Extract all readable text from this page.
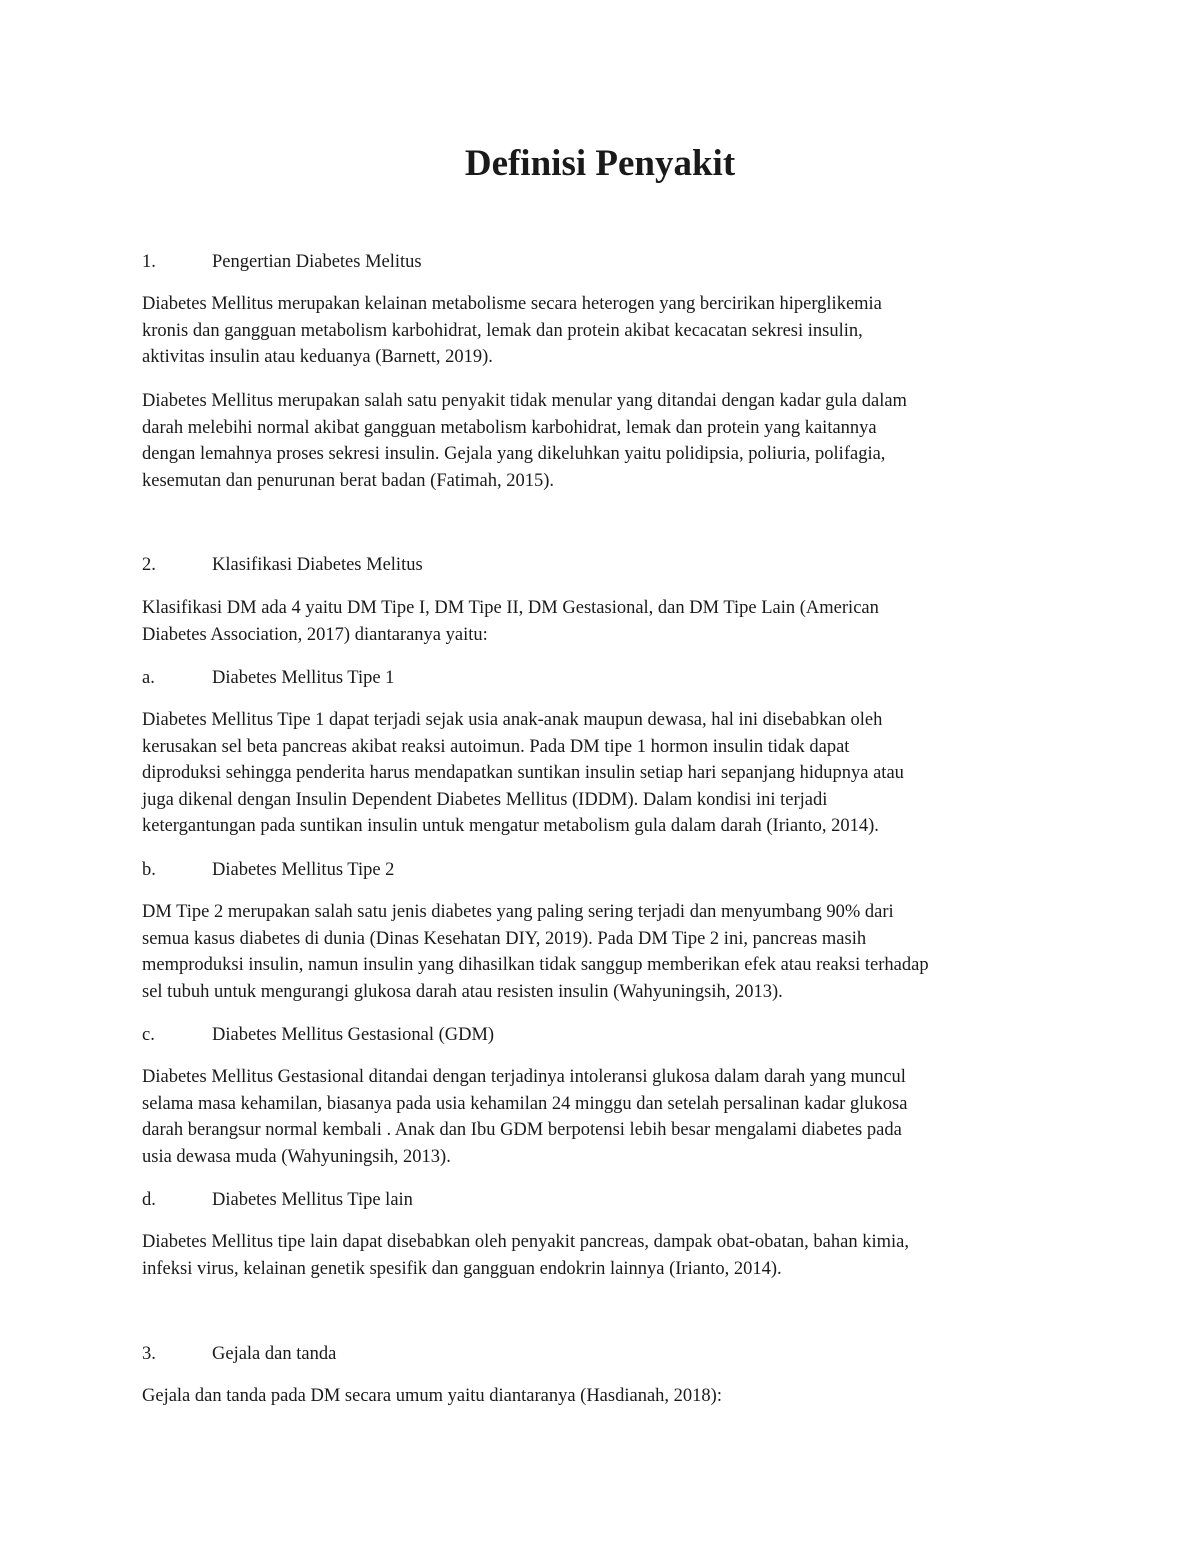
Definisi Penyakit
1.	Pengertian Diabetes Melitus
Diabetes Mellitus merupakan kelainan metabolisme secara heterogen yang bercirikan hiperglikemia
kronis dan gangguan metabolism karbohidrat, lemak dan protein akibat kecacatan sekresi insulin,
aktivitas insulin atau keduanya (Barnett, 2019).
Diabetes Mellitus merupakan salah satu penyakit tidak menular yang ditandai dengan kadar gula dalam
darah melebihi normal akibat gangguan metabolism karbohidrat, lemak dan protein yang kaitannya
dengan lemahnya proses sekresi insulin. Gejala yang dikeluhkan yaitu polidipsia, poliuria, polifagia,
kesemutan dan penurunan berat badan (Fatimah, 2015).
2.	Klasifikasi Diabetes Melitus
Klasifikasi DM ada 4 yaitu DM Tipe I, DM Tipe II, DM Gestasional, dan DM Tipe Lain (American
Diabetes Association, 2017) diantaranya yaitu:
a.	Diabetes Mellitus Tipe 1
Diabetes Mellitus Tipe 1 dapat terjadi sejak usia anak-anak maupun dewasa, hal ini disebabkan oleh
kerusakan sel beta pancreas akibat reaksi autoimun. Pada DM tipe 1 hormon insulin tidak dapat
diproduksi sehingga penderita harus mendapatkan suntikan insulin setiap hari sepanjang hidupnya atau
juga dikenal dengan Insulin Dependent Diabetes Mellitus (IDDM). Dalam kondisi ini terjadi
ketergantungan pada suntikan insulin untuk mengatur metabolism gula dalam darah (Irianto, 2014).
b.	Diabetes Mellitus Tipe 2
DM Tipe 2 merupakan salah satu jenis diabetes yang paling sering terjadi dan menyumbang 90% dari
semua kasus diabetes di dunia (Dinas Kesehatan DIY, 2019). Pada DM Tipe 2 ini, pancreas masih
memproduksi insulin, namun insulin yang dihasilkan tidak sanggup memberikan efek atau reaksi terhadap
sel tubuh untuk mengurangi glukosa darah atau resisten insulin (Wahyuningsih, 2013).
c.	Diabetes Mellitus Gestasional (GDM)
Diabetes Mellitus Gestasional ditandai dengan terjadinya intoleransi glukosa dalam darah yang muncul
selama masa kehamilan, biasanya pada usia kehamilan 24 minggu dan setelah persalinan kadar glukosa
darah berangsur normal kembali . Anak dan Ibu GDM berpotensi lebih besar mengalami diabetes pada
usia dewasa muda (Wahyuningsih, 2013).
d.	Diabetes Mellitus Tipe lain
Diabetes Mellitus tipe lain dapat disebabkan oleh penyakit pancreas, dampak obat-obatan, bahan kimia,
infeksi virus, kelainan genetik spesifik dan gangguan endokrin lainnya (Irianto, 2014).
3.	Gejala dan tanda
Gejala dan tanda pada DM secara umum yaitu diantaranya (Hasdianah, 2018):
